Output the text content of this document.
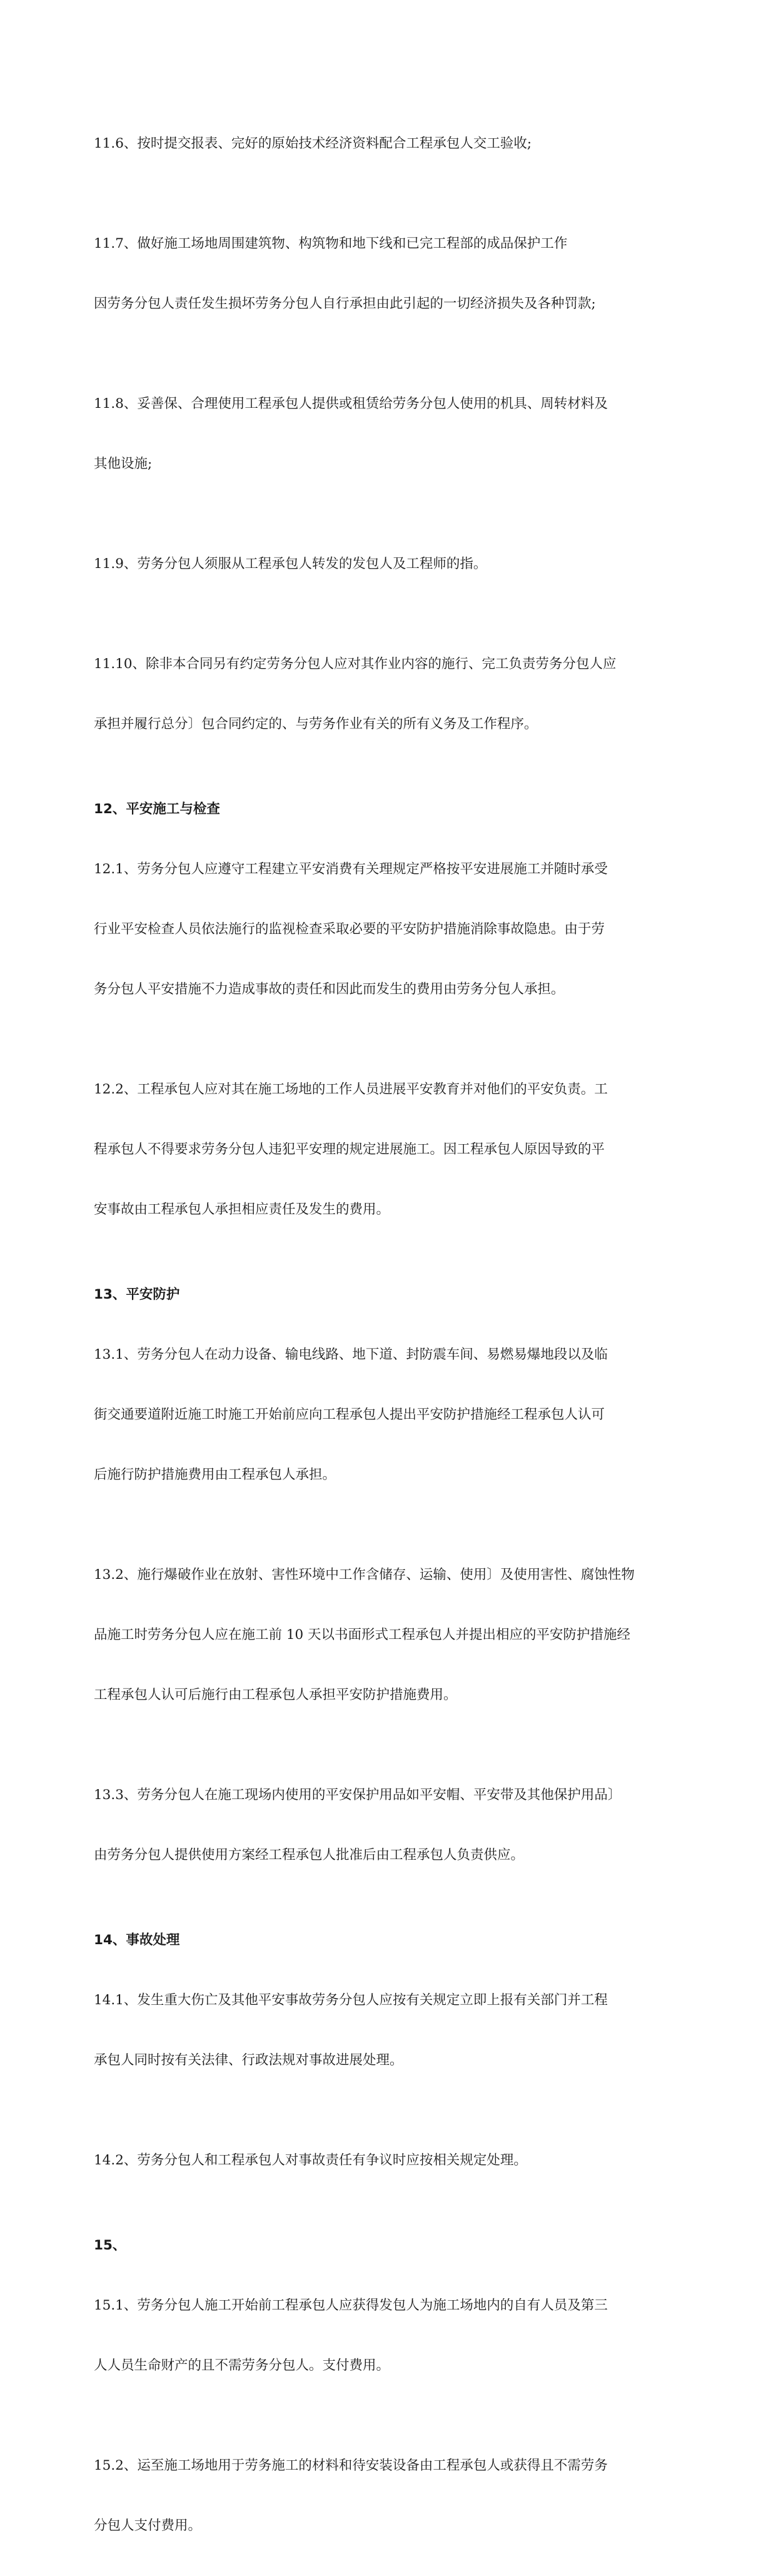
11.6、按时提交报表、完好的原始技术经济资料配合工程承包人交工验收;

11.7、做好施工场地周围建筑物、构筑物和地下线和已完工程部的成品保护工作

因劳务分包人责任发生损坏劳务分包人自行承担由此引起的一切经济损失及各种罚款;

11.8、妥善保、合理使用工程承包人提供或租赁给劳务分包人使用的机具、周转材料及

其他设施;

11.9、劳务分包人须服从工程承包人转发的发包人及工程师的指。

11.10、除非本合同另有约定劳务分包人应对其作业内容的施行、完工负责劳务分包人应

承担并履行总分〕包合同约定的、与劳务作业有关的所有义务及工作程序。

12、平安施工与检查

12.1、劳务分包人应遵守工程建立平安消费有关理规定严格按平安进展施工并随时承受

行业平安检查人员依法施行的监视检查采取必要的平安防护措施消除事故隐患。由于劳

务分包人平安措施不力造成事故的责任和因此而发生的费用由劳务分包人承担。

12.2、工程承包人应对其在施工场地的工作人员进展平安教育并对他们的平安负责。工

程承包人不得要求劳务分包人违犯平安理的规定进展施工。因工程承包人原因导致的平

安事故由工程承包人承担相应责任及发生的费用。

13、平安防护

13.1、劳务分包人在动力设备、输电线路、地下道、封防震车间、易燃易爆地段以及临

街交通要道附近施工时施工开始前应向工程承包人提出平安防护措施经工程承包人认可

后施行防护措施费用由工程承包人承担。

13.2、施行爆破作业在放射、害性环境中工作含储存、运输、使用〕及使用害性、腐蚀性物

品施工时劳务分包人应在施工前 10 天以书面形式工程承包人并提出相应的平安防护措施经

工程承包人认可后施行由工程承包人承担平安防护措施费用。

13.3、劳务分包人在施工现场内使用的平安保护用品如平安帽、平安带及其他保护用品〕

由劳务分包人提供使用方案经工程承包人批准后由工程承包人负责供应。

14、事故处理

14.1、发生重大伤亡及其他平安事故劳务分包人应按有关规定立即上报有关部门并工程

承包人同时按有关法律、行政法规对事故进展处理。

14.2、劳务分包人和工程承包人对事故责任有争议时应按相关规定处理。

15、

15.1、劳务分包人施工开始前工程承包人应获得发包人为施工场地内的自有人员及第三

人人员生命财产的且不需劳务分包人。支付费用。

15.2、运至施工场地用于劳务施工的材料和待安装设备由工程承包人或获得且不需劳务

分包人支付费用。
